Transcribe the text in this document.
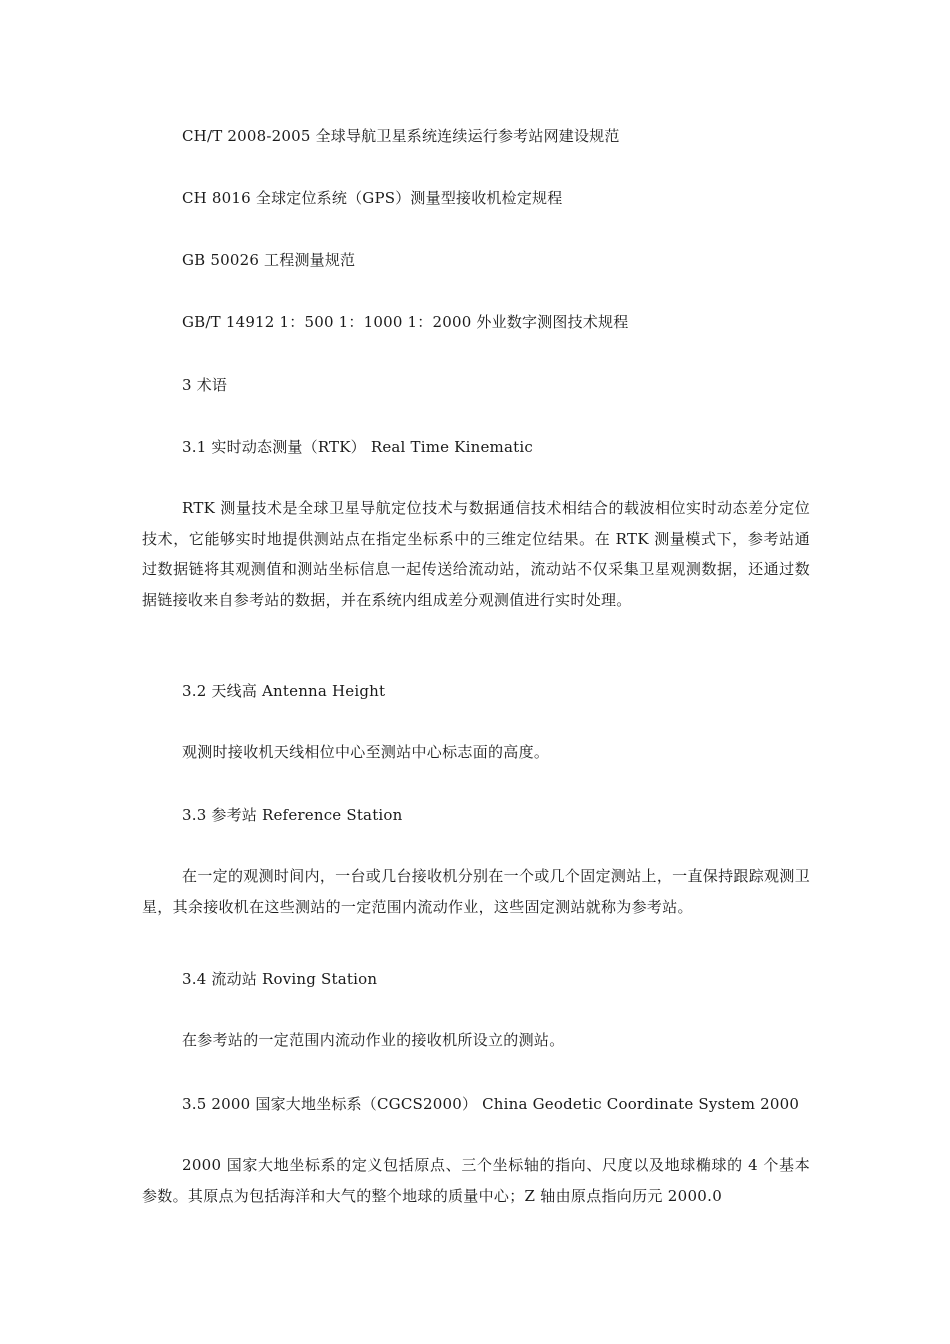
CH/T 2008-2005 全球导航卫星系统连续运行参考站网建设规范
CH 8016 全球定位系统（GPS）测量型接收机检定规程
GB 50026 工程测量规范
GB/T 14912 1：500 1：1000 1：2000 外业数字测图技术规程
3 术语
3.1 实时动态测量（RTK） Real Time Kinematic
RTK 测量技术是全球卫星导航定位技术与数据通信技术相结合的载波相位实时动态差分定位技术，它能够实时地提供测站点在指定坐标系中的三维定位结果。在 RTK 测量模式下，参考站通过数据链将其观测值和测站坐标信息一起传送给流动站，流动站不仅采集卫星观测数据，还通过数据链接收来自参考站的数据，并在系统内组成差分观测值进行实时处理。
3.2 天线高 Antenna Height
观测时接收机天线相位中心至测站中心标志面的高度。
3.3 参考站 Reference Station
在一定的观测时间内，一台或几台接收机分别在一个或几个固定测站上，一直保持跟踪观测卫星，其余接收机在这些测站的一定范围内流动作业，这些固定测站就称为参考站。
3.4 流动站 Roving Station
在参考站的一定范围内流动作业的接收机所设立的测站。
3.5 2000 国家大地坐标系（CGCS2000） China Geodetic Coordinate System 2000
2000 国家大地坐标系的定义包括原点、三个坐标轴的指向、尺度以及地球椭球的 4 个基本参数。其原点为包括海洋和大气的整个地球的质量中心；Z 轴由原点指向历元 2000.0
